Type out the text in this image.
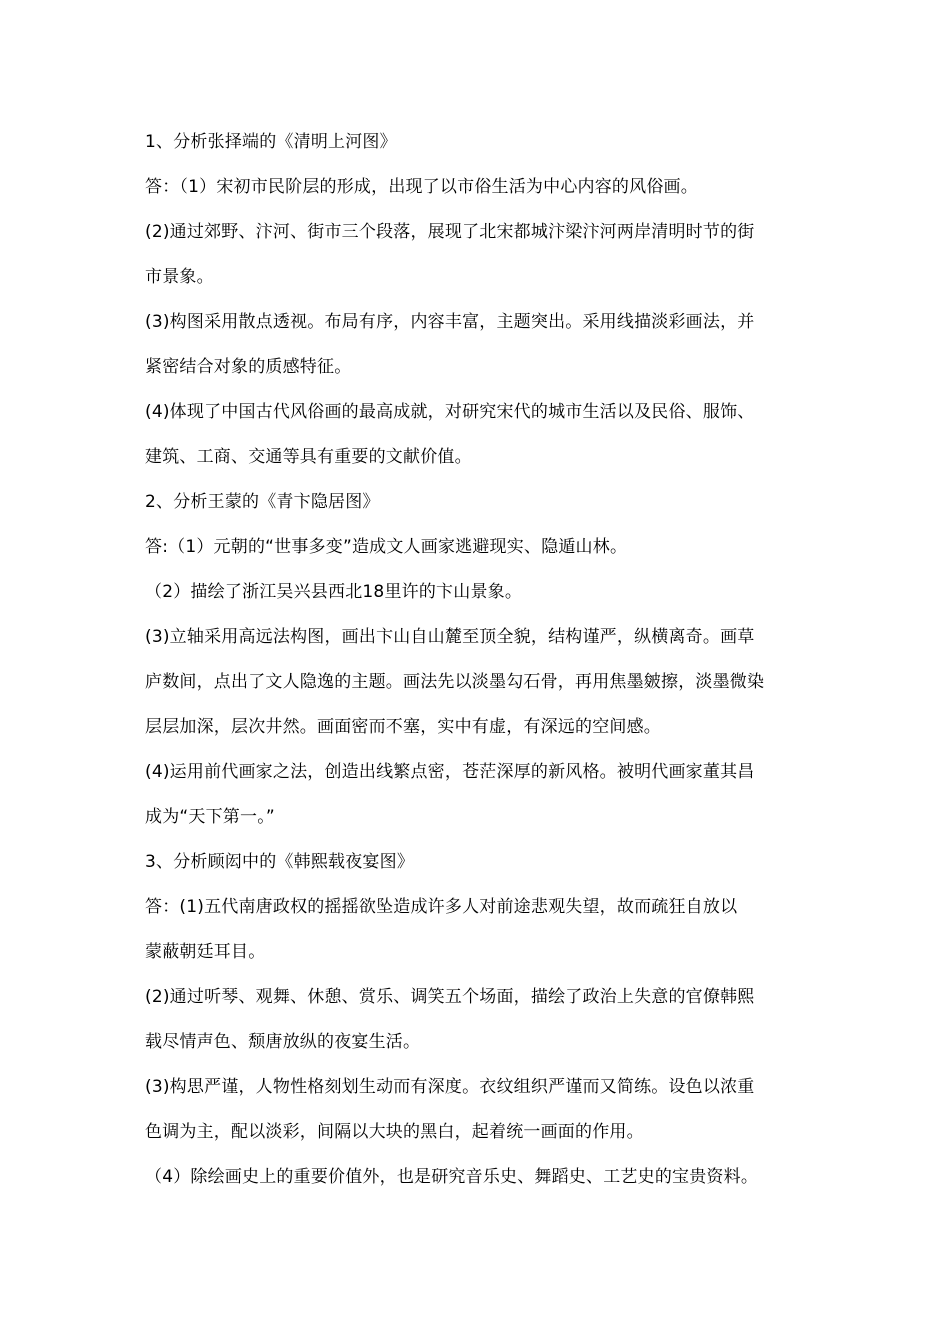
1、分析张择端的《清明上河图》
答：（1）宋初市民阶层的形成，出现了以市俗生活为中心内容的风俗画。
(2)通过郊野、汴河、街市三个段落，展现了北宋都城汴梁汴河两岸清明时节的街
市景象。
(3)构图采用散点透视。布局有序，内容丰富，主题突出。采用线描淡彩画法，并
紧密结合对象的质感特征。
(4)体现了中国古代风俗画的最高成就，对研究宋代的城市生活以及民俗、服饰、
建筑、工商、交通等具有重要的文献价值。
2、分析王蒙的《青卞隐居图》
答:（1）元朝的“世事多变”造成文人画家逃避现实、隐遁山林。
（2）描绘了浙江吴兴县西北18里许的卞山景象。
(3)立轴采用高远法构图，画出卞山自山麓至顶全貌，结构谨严，纵横离奇。画草
庐数间，点出了文人隐逸的主题。画法先以淡墨勾石骨，再用焦墨皴擦，淡墨微染
层层加深，层次井然。画面密而不塞，实中有虚，有深远的空间感。
(4)运用前代画家之法，创造出线繁点密，苍茫深厚的新风格。被明代画家董其昌
成为“天下第一。”
3、分析顾闳中的《韩熙载夜宴图》
答：(1)五代南唐政权的摇摇欲坠造成许多人对前途悲观失望，故而疏狂自放以
蒙蔽朝廷耳目。
(2)通过听琴、观舞、休憩、赏乐、调笑五个场面，描绘了政治上失意的官僚韩熙
载尽情声色、颓唐放纵的夜宴生活。
(3)构思严谨，人物性格刻划生动而有深度。衣纹组织严谨而又简练。设色以浓重
色调为主，配以淡彩，间隔以大块的黑白，起着统一画面的作用。
（4）除绘画史上的重要价值外，也是研究音乐史、舞蹈史、工艺史的宝贵资料。
